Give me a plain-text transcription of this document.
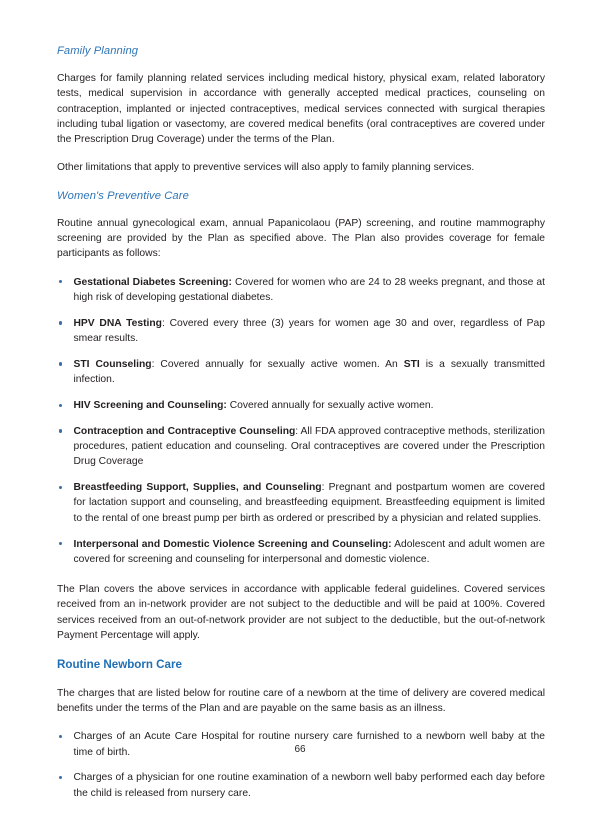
Family Planning

Charges for family planning related services including medical history, physical exam, related laboratory tests, medical supervision in accordance with generally accepted medical practices, counseling on contraception, implanted or injected contraceptives, medical services connected with surgical therapies including tubal ligation or vasectomy, are covered medical benefits (oral contraceptives are covered under the Prescription Drug Coverage) under the terms of the Plan.

Other limitations that apply to preventive services will also apply to family planning services.

Women's Preventive Care

Routine annual gynecological exam, annual Papanicolaou (PAP) screening, and routine mammography screening are provided by the Plan as specified above. The Plan also provides coverage for female participants as follows:

Gestational Diabetes Screening: Covered for women who are 24 to 28 weeks pregnant, and those at high risk of developing gestational diabetes.
HPV DNA Testing: Covered every three (3) years for women age 30 and over, regardless of Pap smear results.
STI Counseling: Covered annually for sexually active women. An STI is a sexually transmitted infection.
HIV Screening and Counseling: Covered annually for sexually active women.
Contraception and Contraceptive Counseling: All FDA approved contraceptive methods, sterilization procedures, patient education and counseling. Oral contraceptives are covered under the Prescription Drug Coverage
Breastfeeding Support, Supplies, and Counseling: Pregnant and postpartum women are covered for lactation support and counseling, and breastfeeding equipment. Breastfeeding equipment is limited to the rental of one breast pump per birth as ordered or prescribed by a physician and related supplies.
Interpersonal and Domestic Violence Screening and Counseling: Adolescent and adult women are covered for screening and counseling for interpersonal and domestic violence.

The Plan covers the above services in accordance with applicable federal guidelines. Covered services received from an in-network provider are not subject to the deductible and will be paid at 100%. Covered services received from an out-of-network provider are not subject to the deductible, but the out-of-network Payment Percentage will apply.

Routine Newborn Care

The charges that are listed below for routine care of a newborn at the time of delivery are covered medical benefits under the terms of the Plan and are payable on the same basis as an illness.

Charges of an Acute Care Hospital for routine nursery care furnished to a newborn well baby at the time of birth.
Charges of a physician for one routine examination of a newborn well baby performed each day before the child is released from nursery care.
66
